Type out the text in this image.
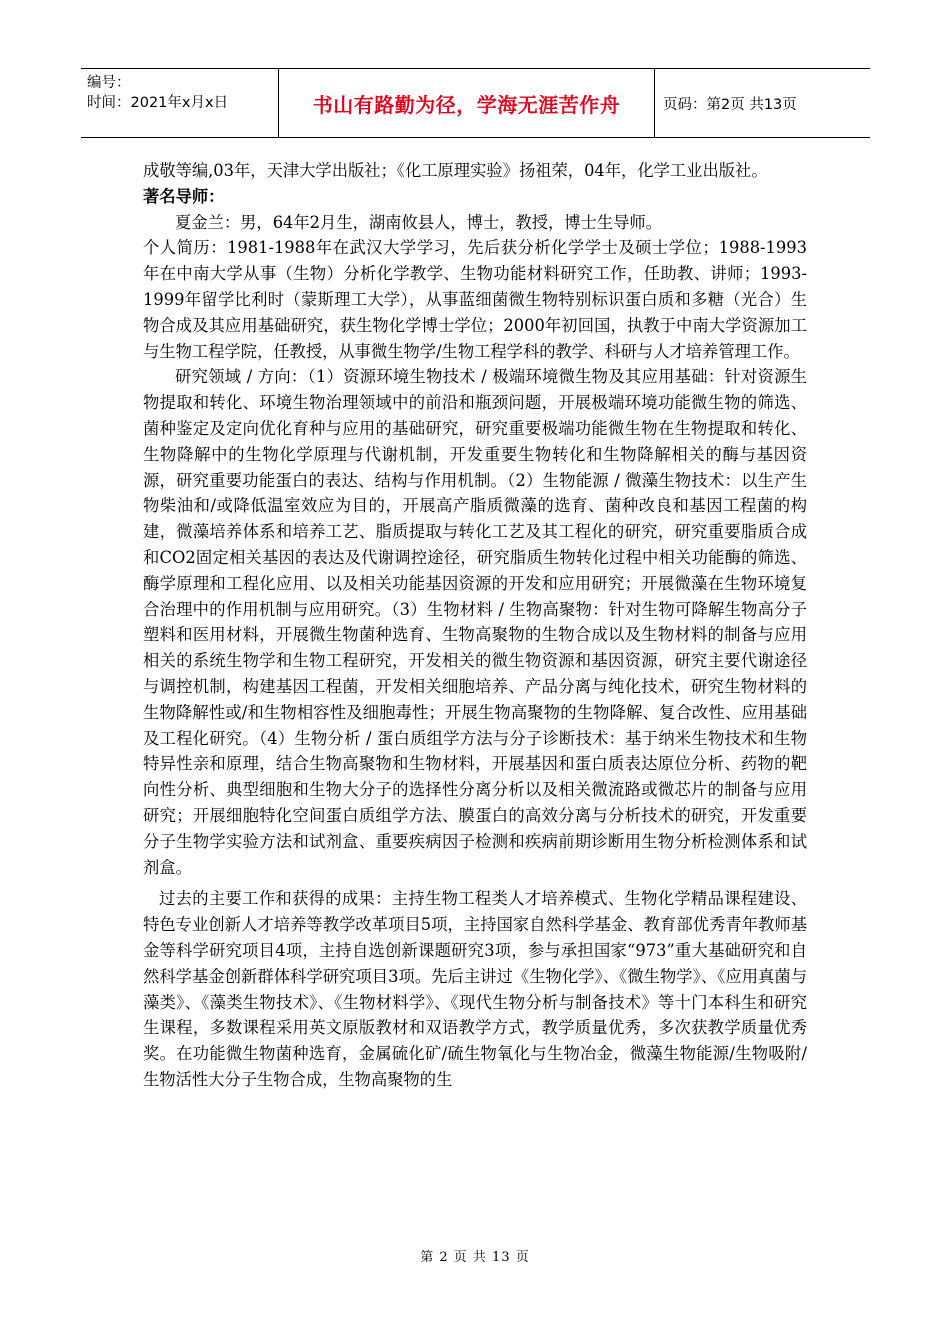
编号：
时间：2021年x月x日	书山有路勤为径，学海无涯苦作舟	页码：第2页 共13页

成敬等编,03年，天津大学出版社；《化工原理实验》扬祖荣，04年，化学工业出版社。

著名导师：

夏金兰：男，64年2月生，湖南攸县人，博士，教授，博士生导师。

个人简历：1981-1988年在武汉大学学习，先后获分析化学学士及硕士学位；1988-1993年在中南大学从事（生物）分析化学教学、生物功能材料研究工作，任助教、讲师；1993-1999年留学比利时（蒙斯理工大学），从事蓝细菌微生物特别标识蛋白质和多糖（光合）生物合成及其应用基础研究，获生物化学博士学位；2000年初回国，执教于中南大学资源加工与生物工程学院，任教授，从事微生物学/生物工程学科的教学、科研与人才培养管理工作。

研究领域 / 方向：（1）资源环境生物技术 / 极端环境微生物及其应用基础：针对资源生物提取和转化、环境生物治理领域中的前沿和瓶颈问题，开展极端环境功能微生物的筛选、菌种鉴定及定向优化育种与应用的基础研究，研究重要极端功能微生物在生物提取和转化、生物降解中的生物化学原理与代谢机制，开发重要生物转化和生物降解相关的酶与基因资源，研究重要功能蛋白的表达、结构与作用机制。（2）生物能源 / 微藻生物技术：以生产生物柴油和/或降低温室效应为目的，开展高产脂质微藻的选育、菌种改良和基因工程菌的构建，微藻培养体系和培养工艺、脂质提取与转化工艺及其工程化的研究，研究重要脂质合成和CO2固定相关基因的表达及代谢调控途径，研究脂质生物转化过程中相关功能酶的筛选、酶学原理和工程化应用、以及相关功能基因资源的开发和应用研究；开展微藻在生物环境复合治理中的作用机制与应用研究。（3）生物材料 / 生物高聚物：针对生物可降解生物高分子塑料和医用材料，开展微生物菌种选育、生物高聚物的生物合成以及生物材料的制备与应用相关的系统生物学和生物工程研究，开发相关的微生物资源和基因资源，研究主要代谢途径与调控机制，构建基因工程菌，开发相关细胞培养、产品分离与纯化技术，研究生物材料的生物降解性或/和生物相容性及细胞毒性；开展生物高聚物的生物降解、复合改性、应用基础及工程化研究。（4）生物分析 / 蛋白质组学方法与分子诊断技术：基于纳米生物技术和生物特异性亲和原理，结合生物高聚物和生物材料，开展基因和蛋白质表达原位分析、药物的靶向性分析、典型细胞和生物大分子的选择性分离分析以及相关微流路或微芯片的制备与应用研究；开展细胞特化空间蛋白质组学方法、膜蛋白的高效分离与分析技术的研究，开发重要分子生物学实验方法和试剂盒、重要疾病因子检测和疾病前期诊断用生物分析检测体系和试剂盒。

过去的主要工作和获得的成果：主持生物工程类人才培养模式、生物化学精品课程建设、特色专业创新人才培养等教学改革项目5项，主持国家自然科学基金、教育部优秀青年教师基金等科学研究项目4项，主持自选创新课题研究3项，参与承担国家“973”重大基础研究和自然科学基金创新群体科学研究项目3项。先后主讲过《生物化学》、《微生物学》、《应用真菌与藻类》、《藻类生物技术》、《生物材料学》、《现代生物分析与制备技术》等十门本科生和研究生课程，多数课程采用英文原版教材和双语教学方式，教学质量优秀，多次获教学质量优秀奖。在功能微生物菌种选育，金属硫化矿/硫生物氧化与生物冶金，微藻生物能源/生物吸附/生物活性大分子生物合成，生物高聚物的生

第 2 页 共 13 页
